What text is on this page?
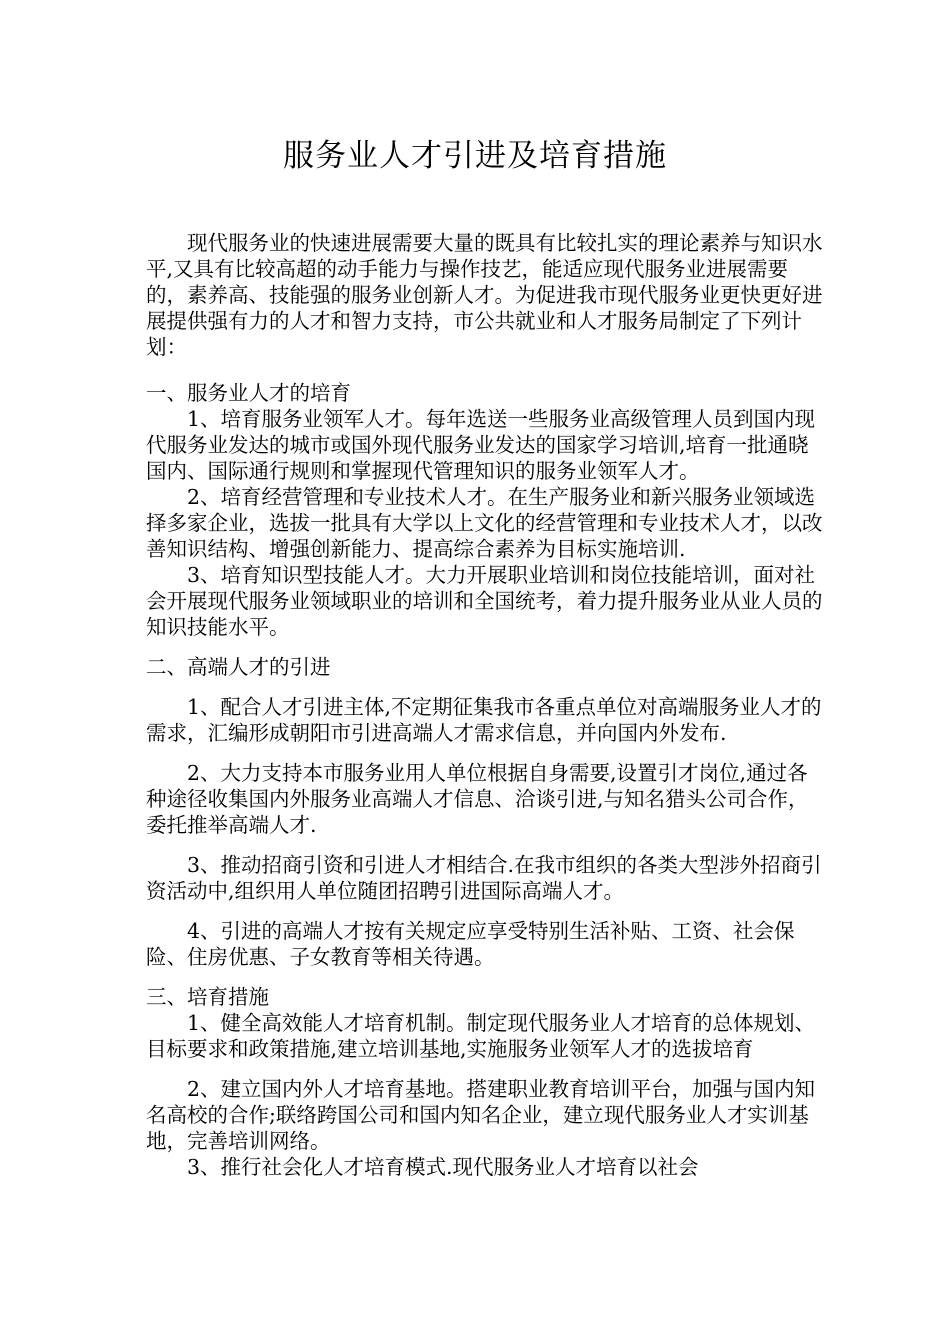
服务业人才引进及培育措施

现代服务业的快速进展需要大量的既具有比较扎实的理论素养与知识水平,又具有比较高超的动手能力与操作技艺，能适应现代服务业进展需要的，素养高、技能强的服务业创新人才。为促进我市现代服务业更快更好进展提供强有力的人才和智力支持，市公共就业和人才服务局制定了下列计划：

一、服务业人才的培育

1、培育服务业领军人才。每年选送一些服务业高级管理人员到国内现代服务业发达的城市或国外现代服务业发达的国家学习培训,培育一批通晓国内、国际通行规则和掌握现代管理知识的服务业领军人才。

2、培育经营管理和专业技术人才。在生产服务业和新兴服务业领域选择多家企业，选拔一批具有大学以上文化的经营管理和专业技术人才，以改善知识结构、增强创新能力、提高综合素养为目标实施培训.

3、培育知识型技能人才。大力开展职业培训和岗位技能培训，面对社会开展现代服务业领域职业的培训和全国统考，着力提升服务业从业人员的知识技能水平。

二、高端人才的引进

1、配合人才引进主体,不定期征集我市各重点单位对高端服务业人才的需求，汇编形成朝阳市引进高端人才需求信息，并向国内外发布.

2、大力支持本市服务业用人单位根据自身需要,设置引才岗位,通过各种途径收集国内外服务业高端人才信息、洽谈引进,与知名猎头公司合作，委托推举高端人才.

3、推动招商引资和引进人才相结合.在我市组织的各类大型涉外招商引资活动中,组织用人单位随团招聘引进国际高端人才。

4、引进的高端人才按有关规定应享受特别生活补贴、工资、社会保险、住房优惠、子女教育等相关待遇。

三、培育措施

1、健全高效能人才培育机制。制定现代服务业人才培育的总体规划、目标要求和政策措施,建立培训基地,实施服务业领军人才的选拔培育

2、建立国内外人才培育基地。搭建职业教育培训平台，加强与国内知名高校的合作;联络跨国公司和国内知名企业，建立现代服务业人才实训基地，完善培训网络。

3、推行社会化人才培育模式.现代服务业人才培育以社会
